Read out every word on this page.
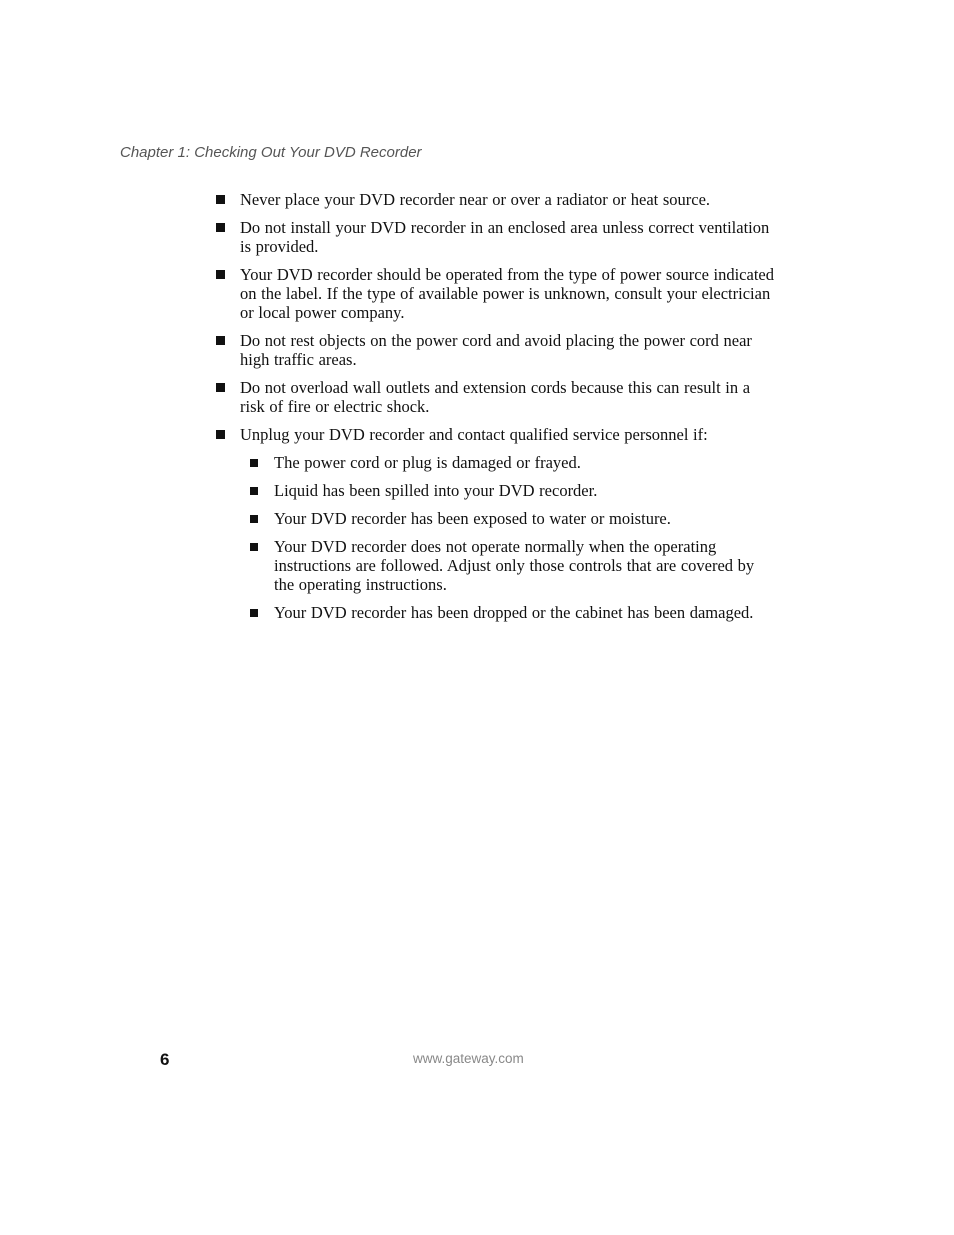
Chapter 1: Checking Out Your DVD Recorder

Never place your DVD recorder near or over a radiator or heat source.
Do not install your DVD recorder in an enclosed area unless correct ventilation is provided.
Your DVD recorder should be operated from the type of power source indicated on the label. If the type of available power is unknown, consult your electrician or local power company.
Do not rest objects on the power cord and avoid placing the power cord near high traffic areas.
Do not overload wall outlets and extension cords because this can result in a risk of fire or electric shock.
Unplug your DVD recorder and contact qualified service personnel if:
The power cord or plug is damaged or frayed.
Liquid has been spilled into your DVD recorder.
Your DVD recorder has been exposed to water or moisture.
Your DVD recorder does not operate normally when the operating instructions are followed. Adjust only those controls that are covered by the operating instructions.
Your DVD recorder has been dropped or the cabinet has been damaged.

6	www.gateway.com
